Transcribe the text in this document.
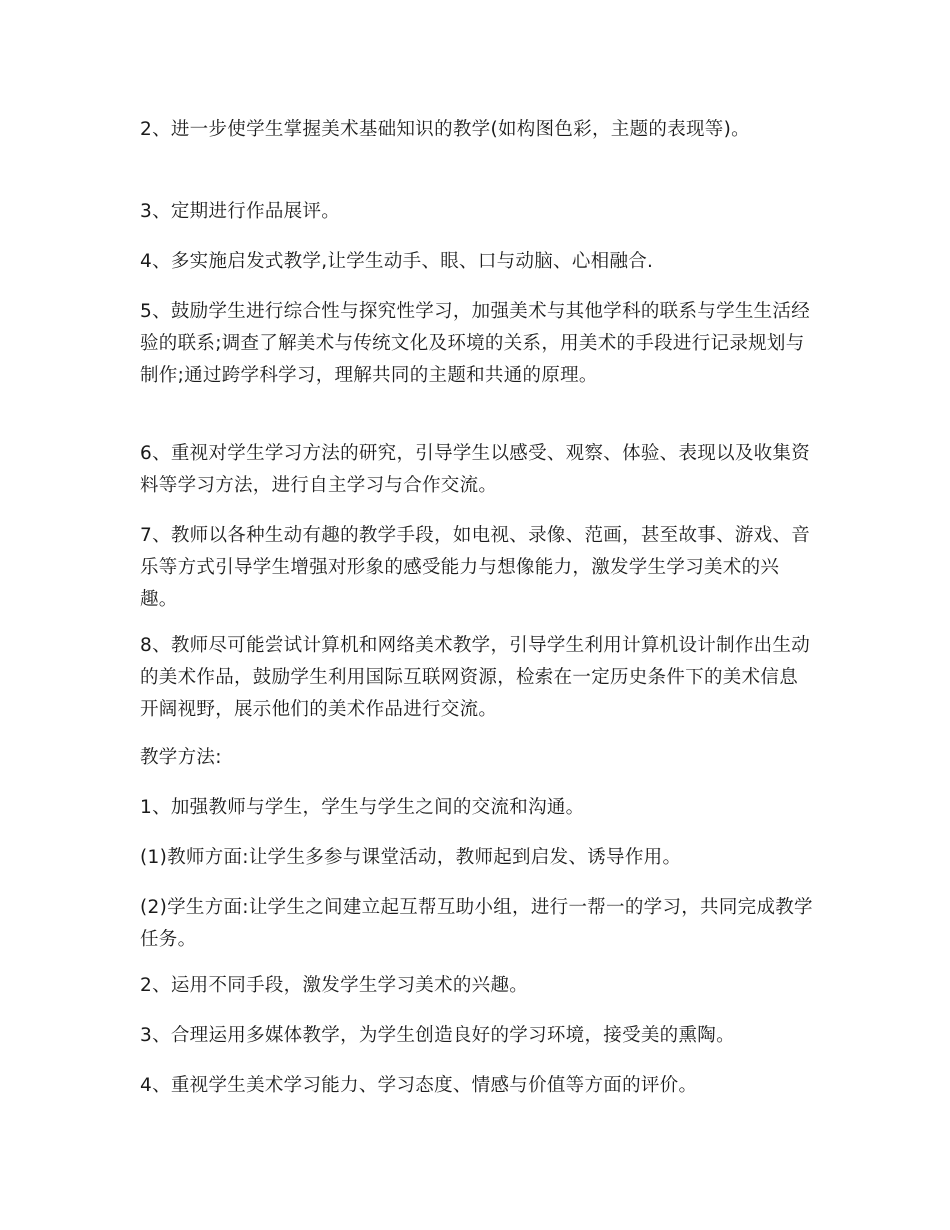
2、进一步使学生掌握美术基础知识的教学(如构图色彩，主题的表现等)。

3、定期进行作品展评。

4、多实施启发式教学,让学生动手、眼、口与动脑、心相融合.

5、鼓励学生进行综合性与探究性学习，加强美术与其他学科的联系与学生生活经验的联系;调查了解美术与传统文化及环境的关系，用美术的手段进行记录规划与制作;通过跨学科学习，理解共同的主题和共通的原理。

6、重视对学生学习方法的研究，引导学生以感受、观察、体验、表现以及收集资料等学习方法，进行自主学习与合作交流。

7、教师以各种生动有趣的教学手段，如电视、录像、范画，甚至故事、游戏、音乐等方式引导学生增强对形象的感受能力与想像能力，激发学生学习美术的兴趣。

8、教师尽可能尝试计算机和网络美术教学，引导学生利用计算机设计制作出生动的美术作品，鼓励学生利用国际互联网资源，检索在一定历史条件下的美术信息开阔视野，展示他们的美术作品进行交流。

教学方法:

1、加强教师与学生，学生与学生之间的交流和沟通。

(1)教师方面:让学生多参与课堂活动，教师起到启发、诱导作用。

(2)学生方面:让学生之间建立起互帮互助小组，进行一帮一的学习，共同完成教学任务。

2、运用不同手段，激发学生学习美术的兴趣。

3、合理运用多媒体教学，为学生创造良好的学习环境，接受美的熏陶。

4、重视学生美术学习能力、学习态度、情感与价值等方面的评价。
